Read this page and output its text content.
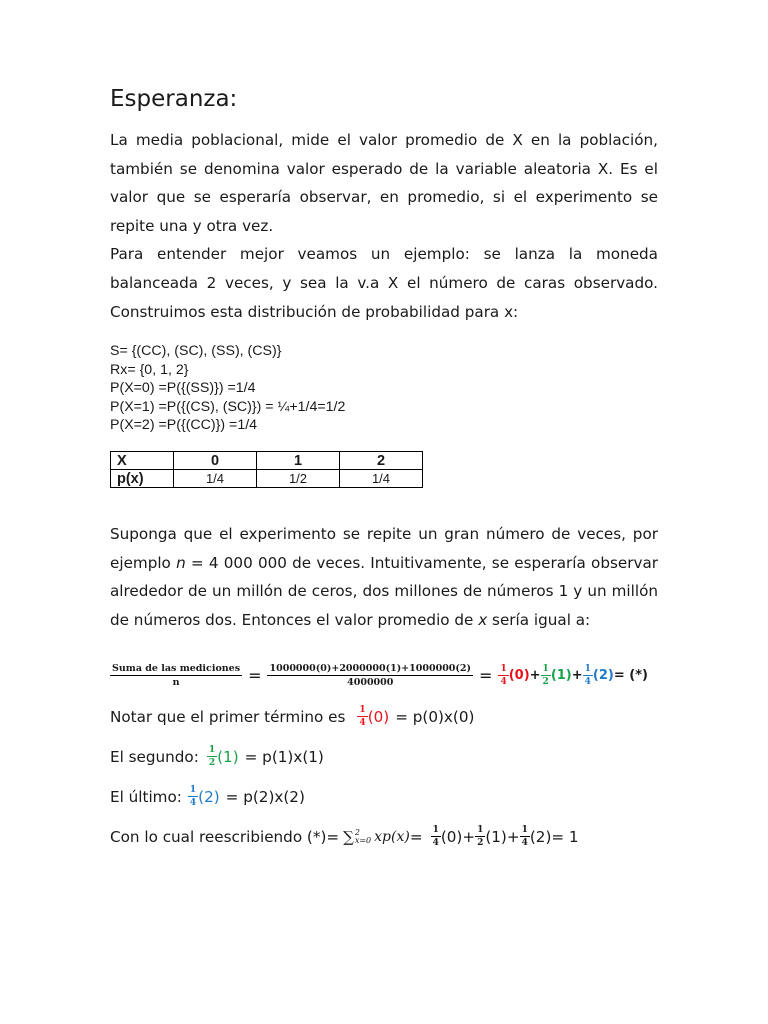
Esperanza:

La media poblacional, mide el valor promedio de X en la población, también se denomina valor esperado de la variable aleatoria X. Es el valor que se esperaría observar, en promedio, si el experimento se repite una y otra vez.

Para entender mejor veamos un ejemplo: se lanza la moneda balanceada 2 veces, y sea la v.a X el número de caras observado. Construimos esta distribución de probabilidad para x:

S= {(CC), (SC), (SS), (CS)}
Rx= {0, 1, 2}
P(X=0) =P({(SS)}) =1/4
P(X=1) =P({(CS), (SC)}) = ¼+1/4=1/2
P(X=2) =P({(CC)}) =1/4
X	0	1	2
p(x)	1/4	1/2	1/4

Suponga que el experimento se repite un gran número de veces, por ejemplo n = 4 000 000 de veces. Intuitivamente, se esperaría observar alrededor de un millón de ceros, dos millones de números 1 y un millón de números dos. Entonces el valor promedio de x sería igual a:

$\frac{\text{Suma de las mediciones}}{n} = \frac{1000000(0)+2000000(1)+1000000(2)}{4000000} = \frac{1}{4} (0) + \frac{1}{2} (1) + \frac{1}{4} (2)$ = (*)
Notar que el primer término es $\frac{1}{4} (0) = p(0)x(0)$
El segundo: $\frac{1}{2} (1) = p(1)x(1)$
El último: $\frac{1}{4} (2) = p(2)x(2)$
Con lo cual reescribiendo (*)= ∑ 2
x=0 $xp(x) = \frac{1}{4} (0)+ \frac{1}{2} (1)+ \frac{1}{4} (2)= 1$
